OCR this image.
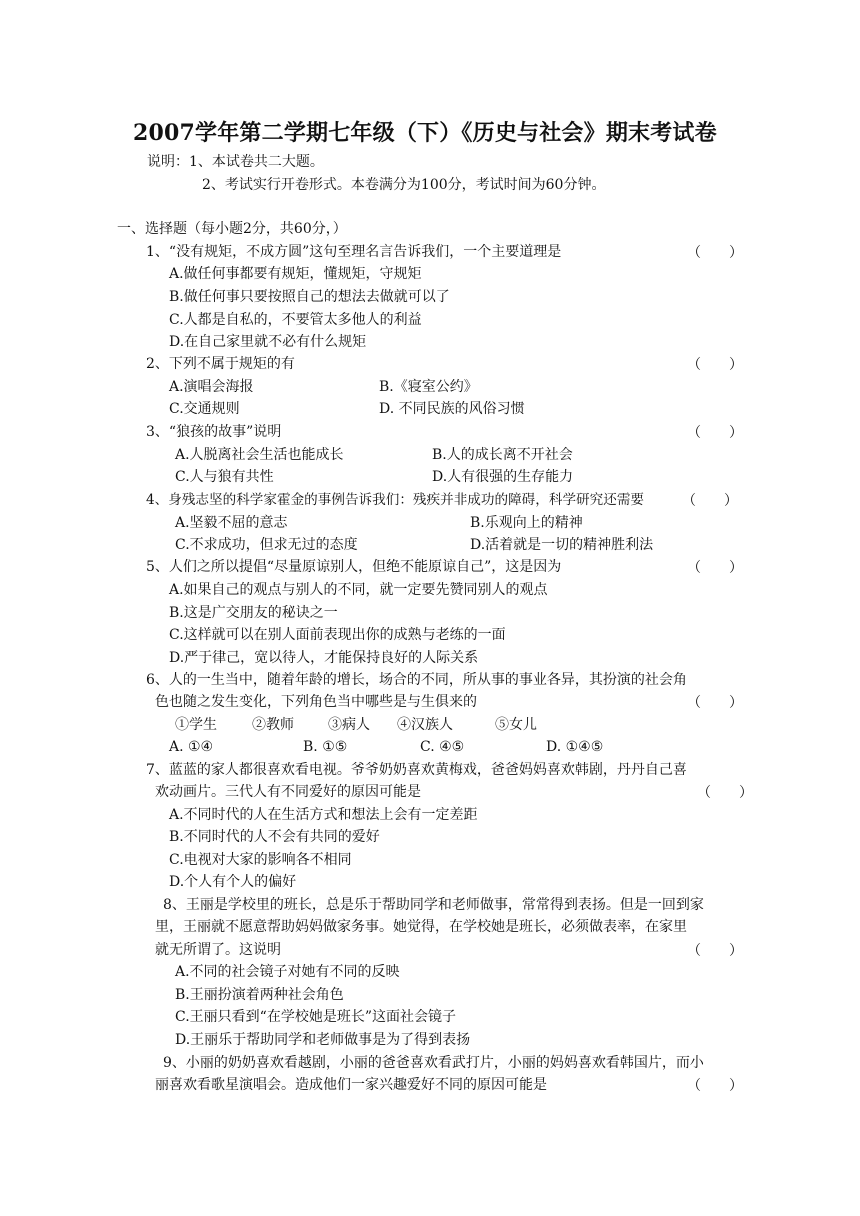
2007学年第二学期七年级（下）《历史与社会》期末考试卷
说明：1、本试卷共二大题。
2、考试实行开卷形式。本卷满分为100分，考试时间为60分钟。
一、选择题（每小题2分，共60分，）
1、“没有规矩，不成方圆”这句至理名言告诉我们，一个主要道理是	（　　）
A.做任何事都要有规矩，懂规矩，守规矩
B.做任何事只要按照自己的想法去做就可以了
C.人都是自私的，不要管太多他人的利益
D.在自己家里就不必有什么规矩
2、下列不属于规矩的有	（　　）
A.演唱会海报	B.《寝室公约》
C.交通规则	D. 不同民族的风俗习惯
3、“狼孩的故事”说明	（　　）
A.人脱离社会生活也能成长	B.人的成长离不开社会
C.人与狼有共性	D.人有很强的生存能力
4、身残志坚的科学家霍金的事例告诉我们：残疾并非成功的障碍，科学研究还需要	（　　）
A.坚毅不屈的意志	B.乐观向上的精神
C.不求成功，但求无过的态度	D.活着就是一切的精神胜利法
5、人们之所以提倡“尽量原谅别人，但绝不能原谅自己”，这是因为	（　　）
A.如果自己的观点与别人的不同，就一定要先赞同别人的观点
B.这是广交朋友的秘诀之一
C.这样就可以在别人面前表现出你的成熟与老练的一面
D.严于律己，宽以待人，才能保持良好的人际关系
6、人的一生当中，随着年龄的增长，场合的不同，所从事的事业各异，其扮演的社会角
色也随之发生变化，下列角色当中哪些是与生俱来的	（　　）
①学生	②教师 ③病人 ④汉族人	⑤女儿
A. ①④	B. ①⑤	C. ④⑤	D. ①④⑤
7、蓝蓝的家人都很喜欢看电视。爷爷奶奶喜欢黄梅戏，爸爸妈妈喜欢韩剧，丹丹自己喜
欢动画片。三代人有不同爱好的原因可能是	（　　）
A.不同时代的人在生活方式和想法上会有一定差距
B.不同时代的人不会有共同的爱好
C.电视对大家的影响各不相同
D.个人有个人的偏好
8、王丽是学校里的班长，总是乐于帮助同学和老师做事，常常得到表扬。但是一回到家
里，王丽就不愿意帮助妈妈做家务事。她觉得，在学校她是班长，必须做表率，在家里
就无所谓了。这说明	（　　）
A.不同的社会镜子对她有不同的反映
B.王丽扮演着两种社会角色
C.王丽只看到“在学校她是班长”这面社会镜子
D.王丽乐于帮助同学和老师做事是为了得到表扬
9、小丽的奶奶喜欢看越剧，小丽的爸爸喜欢看武打片，小丽的妈妈喜欢看韩国片，而小
丽喜欢看歌星演唱会。造成他们一家兴趣爱好不同的原因可能是	（　　）
